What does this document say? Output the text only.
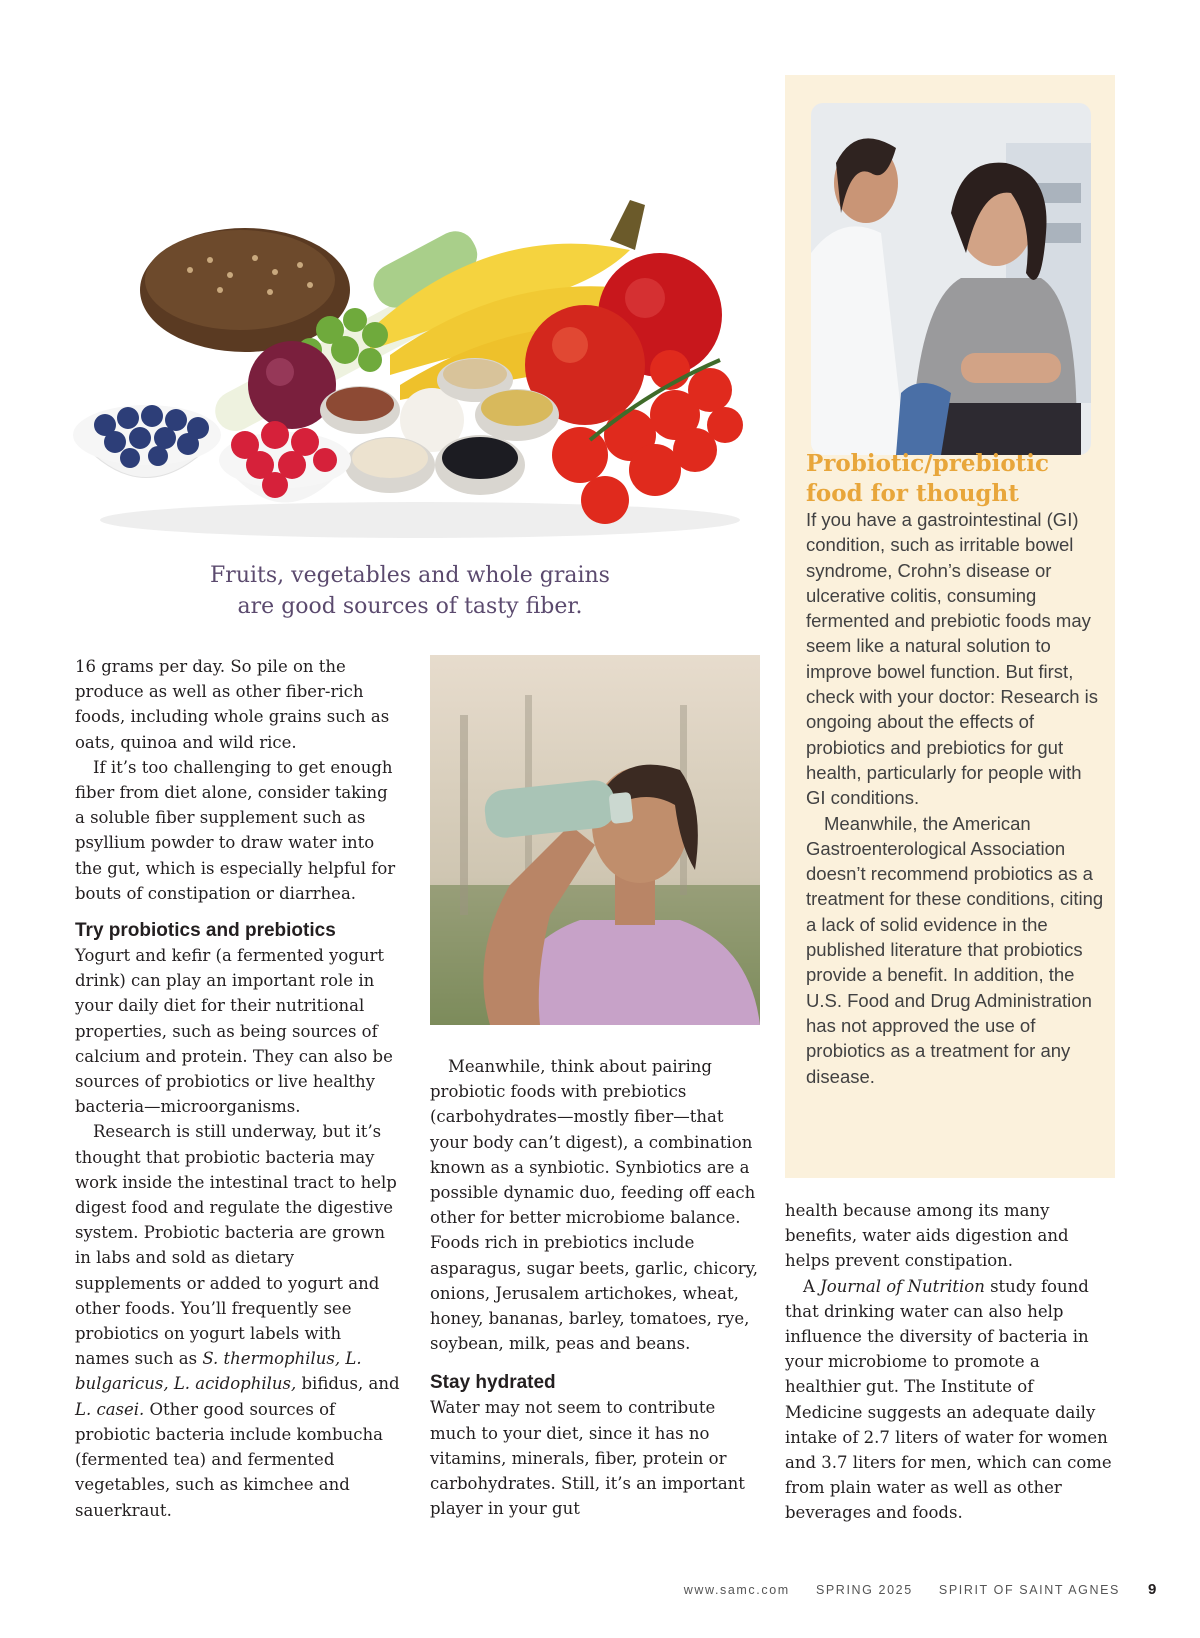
Fruits, vegetables and whole grains are good sources of tasty fiber.

16 grams per day. So pile on the produce as well as other fiber-rich foods, including whole grains such as oats, quinoa and wild rice.

If it’s too challenging to get enough fiber from diet alone, consider taking a soluble fiber supplement such as psyllium powder to draw water into the gut, which is especially helpful for bouts of constipation or diarrhea.

Try probiotics and prebiotics

Yogurt and kefir (a fermented yogurt drink) can play an important role in your daily diet for their nutritional properties, such as being sources of calcium and protein. They can also be sources of probiotics or live healthy bacteria—microorganisms.

Research is still underway, but it’s thought that probiotic bacteria may work inside the intestinal tract to help digest food and regulate the digestive system. Probiotic bacteria are grown in labs and sold as dietary supplements or added to yogurt and other foods. You’ll frequently see probiotics on yogurt labels with names such as S. thermophilus, L. bulgaricus, L. acidophilus, bifidus, and L. casei. Other good sources of probiotic bacteria include kombucha (fermented tea) and fermented vegetables, such as kimchee and sauerkraut.

Meanwhile, think about pairing probiotic foods with prebiotics (carbohydrates—mostly fiber—that your body can’t digest), a combination known as a synbiotic. Synbiotics are a possible dynamic duo, feeding off each other for better microbiome balance. Foods rich in prebiotics include asparagus, sugar beets, garlic, chicory, onions, Jerusalem artichokes, wheat, honey, bananas, barley, tomatoes, rye, soybean, milk, peas and beans.

Stay hydrated

Water may not seem to contribute much to your diet, since it has no vitamins, minerals, fiber, protein or carbohydrates. Still, it’s an important player in your gut

Probiotic/prebiotic
food for thought

If you have a gastrointestinal (GI) condition, such as irritable bowel syndrome, Crohn’s disease or ulcerative colitis, consuming fermented and prebiotic foods may seem like a natural solution to improve bowel function. But first, check with your doctor: Research is ongoing about the effects of probiotics and prebiotics for gut health, particularly for people with GI conditions.

Meanwhile, the American Gastroenterological Association doesn’t recommend probiotics as a treatment for these conditions, citing a lack of solid evidence in the published literature that probiotics provide a benefit. In addition, the U.S. Food and Drug Administration has not approved the use of probiotics as a treatment for any disease.

health because among its many benefits, water aids digestion and helps prevent constipation.

A Journal of Nutrition study found that drinking water can also help influence the diversity of bacteria in your microbiome to promote a healthier gut. The Institute of Medicine suggests an adequate daily intake of 2.7 liters of water for women and 3.7 liters for men, which can come from plain water as well as other beverages and foods.

www.samc.com SPRING 2025 SPIRIT OF SAINT AGNES 9
